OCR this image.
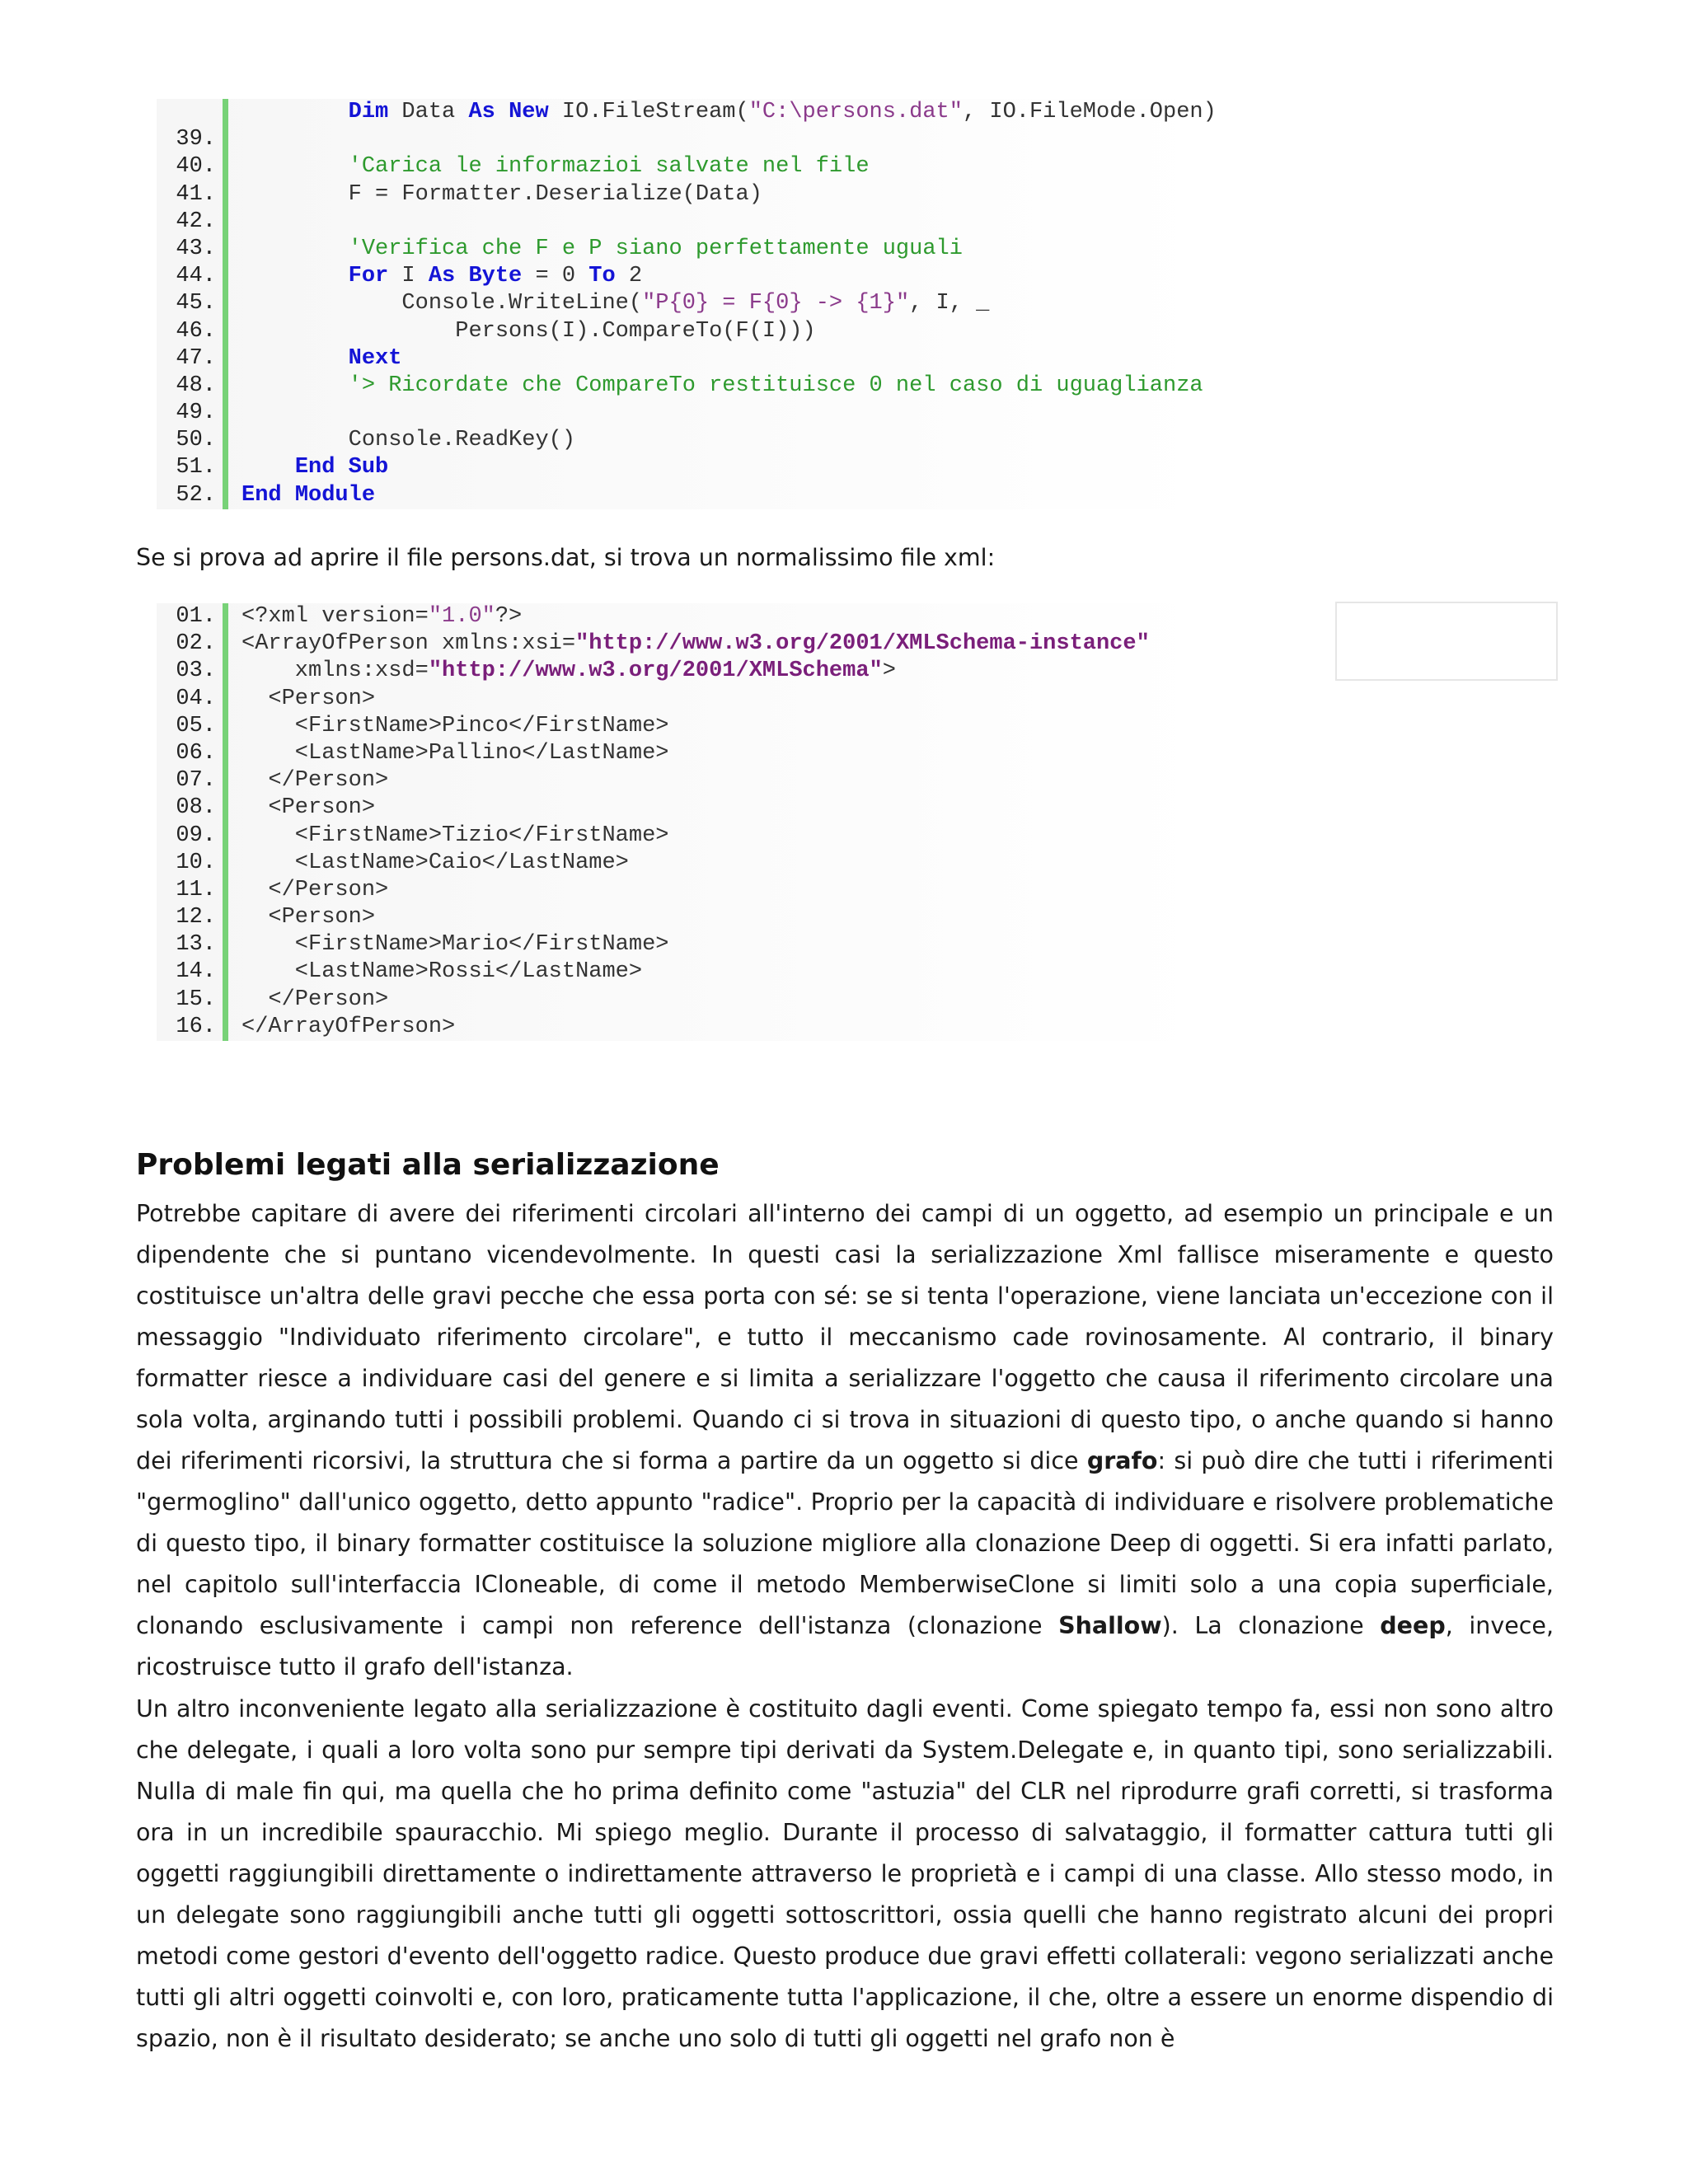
Dim Data As New IO.FileStream("C:\persons.dat", IO.FileMode.Open)
39.
40.	'Carica le informazioi salvate nel file
41. F = Formatter.Deserialize(Data)
42.
43.	'Verifica che F e P siano perfettamente uguali
44.	For I As Byte = 0 To 2
45. Console.WriteLine("P{0} = F{0} -> {1}", I, _
46. Persons(I).CompareTo(F(I)))
47.	Next
48.	'> Ricordate che CompareTo restituisce 0 nel caso di uguaglianza
49.
50. Console.ReadKey()
51.	End Sub
52. End Module
Se si prova ad aprire il file persons.dat, si trova un normalissimo file xml:
01. <?xml version="1.0"?>
02. <ArrayOfPerson xmlns:xsi="http://www.w3.org/2001/XMLSchema-instance"
03. xmlns:xsd="http://www.w3.org/2001/XMLSchema">
04. <Person>
05. <FirstName>Pinco</FirstName>
06. <LastName>Pallino</LastName>
07. </Person>
08. <Person>
09. <FirstName>Tizio</FirstName>
10. <LastName>Caio</LastName>
11. </Person>
12. <Person>
13. <FirstName>Mario</FirstName>
14. <LastName>Rossi</LastName>
15. </Person>
16. </ArrayOfPerson>
Problemi legati alla serializzazione
Potrebbe capitare di avere dei riferimenti circolari all'interno dei campi di un oggetto, ad esempio un principale e un dipendente che si puntano vicendevolmente. In questi casi la serializzazione Xml fallisce miseramente e questo costituisce un'altra delle gravi pecche che essa porta con sé: se si tenta l'operazione, viene lanciata un'eccezione con il messaggio "Individuato riferimento circolare", e tutto il meccanismo cade rovinosamente. Al contrario, il binary formatter riesce a individuare casi del genere e si limita a serializzare l'oggetto che causa il riferimento circolare una sola volta, arginando tutti i possibili problemi. Quando ci si trova in situazioni di questo tipo, o anche quando si hanno dei riferimenti ricorsivi, la struttura che si forma a partire da un oggetto si dice grafo: si può dire che tutti i riferimenti "germoglino" dall'unico oggetto, detto appunto "radice". Proprio per la capacità di individuare e risolvere problematiche di questo tipo, il binary formatter costituisce la soluzione migliore alla clonazione Deep di oggetti. Si era infatti parlato, nel capitolo sull'interfaccia ICloneable, di come il metodo MemberwiseClone si limiti solo a una copia superficiale, clonando esclusivamente i campi non reference dell'istanza (clonazione Shallow). La clonazione deep, invece, ricostruisce tutto il grafo dell'istanza.
Un altro inconveniente legato alla serializzazione è costituito dagli eventi. Come spiegato tempo fa, essi non sono altro che delegate, i quali a loro volta sono pur sempre tipi derivati da System.Delegate e, in quanto tipi, sono serializzabili. Nulla di male fin qui, ma quella che ho prima definito come "astuzia" del CLR nel riprodurre grafi corretti, si trasforma ora in un incredibile spauracchio. Mi spiego meglio. Durante il processo di salvataggio, il formatter cattura tutti gli oggetti raggiungibili direttamente o indirettamente attraverso le proprietà e i campi di una classe. Allo stesso modo, in un delegate sono raggiungibili anche tutti gli oggetti sottoscrittori, ossia quelli che hanno registrato alcuni dei propri metodi come gestori d'evento dell'oggetto radice. Questo produce due gravi effetti collaterali: vegono serializzati anche tutti gli altri oggetti coinvolti e, con loro, praticamente tutta l'applicazione, il che, oltre a essere un enorme dispendio di spazio, non è il risultato desiderato; se anche uno solo di tutti gli oggetti nel grafo non è
